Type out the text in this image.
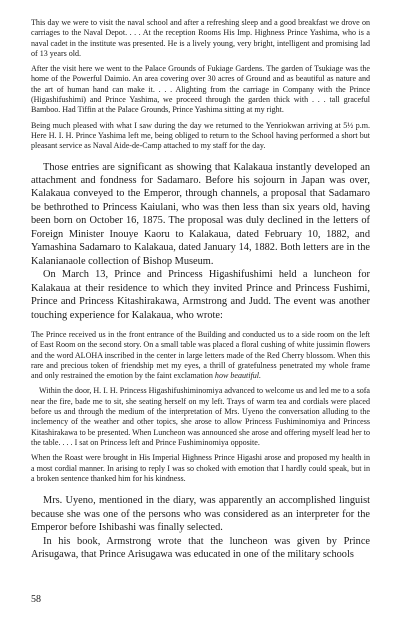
This day we were to visit the naval school and after a refreshing sleep and a good breakfast we drove on carriages to the Naval Depot. . . . At the reception Rooms His Imp. Highness Prince Yashima, who is a naval cadet in the institute was presented. He is a lively young, very bright, intelligent and promising lad of 13 years old.

After the visit here we went to the Palace Grounds of Fukiage Gardens. The garden of Tsukiage was the home of the Powerful Daimio. An area covering over 30 acres of Ground and as beautiful as nature and the art of human hand can make it. . . . Alighting from the carriage in Company with the Prince (Higashifushimi) and Prince Yashima, we proceed through the garden thick with . . . tall graceful Bamboo. Had Tiffin at the Palace Grounds, Prince Yashima sitting at my right.

Being much pleased with what I saw during the day we returned to the Yenriokwan arriving at 5½ p.m. Here H. I. H. Prince Yashima left me, being obliged to return to the School having performed a short but pleasant service as Naval Aide-de-Camp attached to my staff for the day.

Those entries are significant as showing that Kalakaua instantly developed an attachment and fondness for Sadamaro. Before his sojourn in Japan was over, Kalakaua conveyed to the Emperor, through channels, a proposal that Sadamaro be bethrothed to Princess Kaiulani, who was then less than six years old, having been born on October 16, 1875. The proposal was duly declined in the letters of Foreign Minister Inouye Kaoru to Kalakaua, dated February 10, 1882, and Yamashina Sadamaro to Kalakaua, dated January 14, 1882. Both letters are in the Kalanianaole collection of Bishop Museum.

On March 13, Prince and Princess Higashifushimi held a luncheon for Kalakaua at their residence to which they invited Prince and Princess Fushimi, Prince and Princess Kitashirakawa, Armstrong and Judd. The event was another touching experience for Kalakaua, who wrote:

The Prince received us in the front entrance of the Building and conducted us to a side room on the left of East Room on the second story. On a small table was placed a floral cushing of white jussimin flowers and the word ALOHA inscribed in the center in large letters made of the Red Cherry blossom. When this rare and precious token of friendship met my eyes, a thrill of gratefulness penetrated my whole frame and only restrained the emotion by the faint exclamation how beautiful.

Within the door, H. I. H. Princess Higashifushiminomiya advanced to welcome us and led me to a sofa near the fire, bade me to sit, she seating herself on my left. Trays of warm tea and cordials were placed before us and through the medium of the interpretation of Mrs. Uyeno the conversation alluding to the inclemency of the weather and other topics, she arose to allow Princess Fushiminomiya and Princess Kitashirakawa to be presented. When Luncheon was announced she arose and offering myself lead her to the table. . . . I sat on Princess left and Prince Fushiminomiya opposite.

When the Roast were brought in His Imperial Highness Prince Higashi arose and proposed my health in a most cordial manner. In arising to reply I was so choked with emotion that I hardly could speak, but in a broken sentence thanked him for his kindness.

Mrs. Uyeno, mentioned in the diary, was apparently an accomplished linguist because she was one of the persons who was considered as an interpreter for the Emperor before Ishibashi was finally selected.

In his book, Armstrong wrote that the luncheon was given by Prince Arisugawa, that Prince Arisugawa was educated in one of the military schools

58
